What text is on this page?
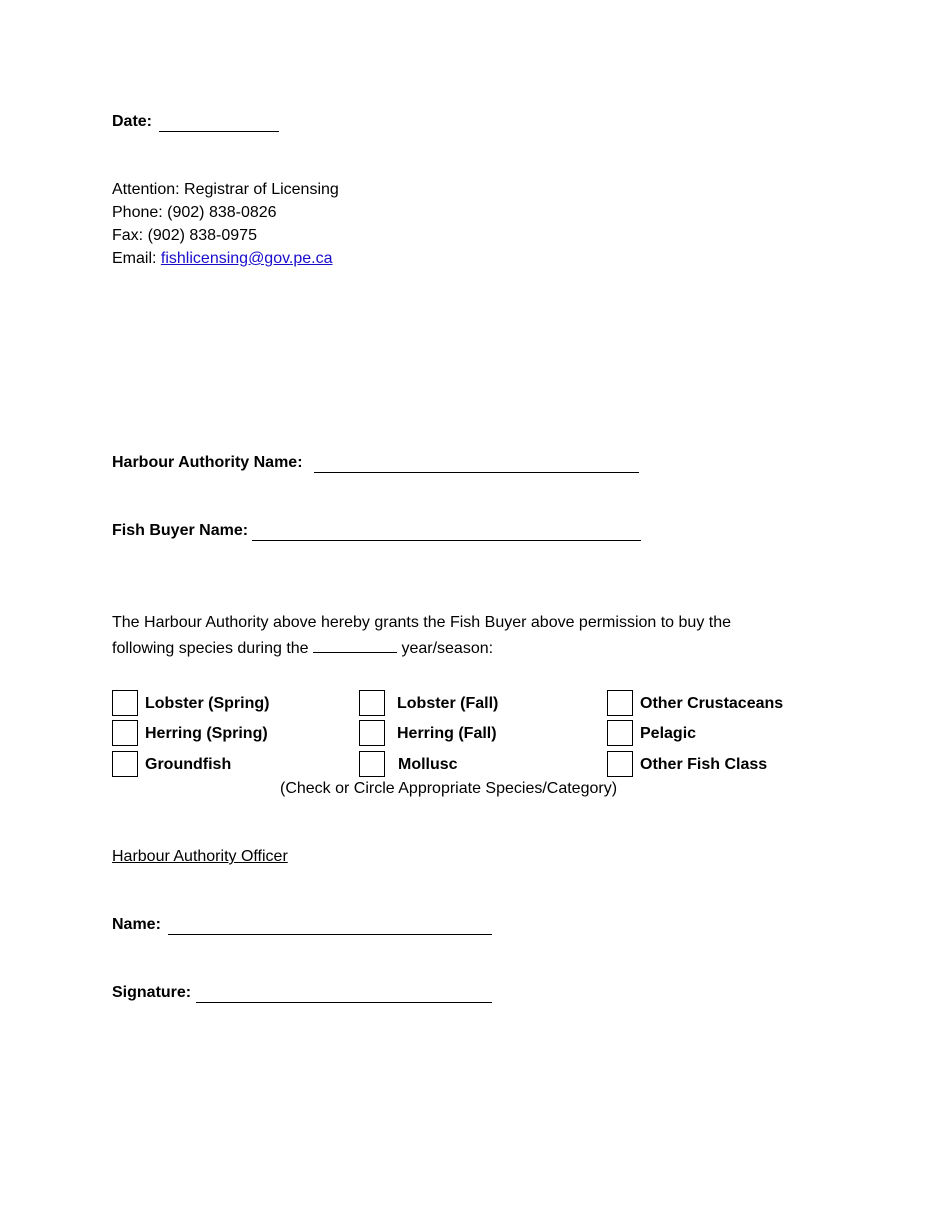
Date:
Attention: Registrar of Licensing
Phone: (902) 838-0826
Fax: (902) 838-0975
Email: fishlicensing@gov.pe.ca
Harbour Authority Name:
Fish Buyer Name:
The Harbour Authority above hereby grants the Fish Buyer above permission to buy the
following species during the	year/season:
Lobster (Spring)
Herring (Spring)
Groundfish
Lobster (Fall)
Herring (Fall)
Mollusc
Other Crustaceans
Pelagic
Other Fish Class
(Check or Circle Appropriate Species/Category)
Harbour Authority Officer
Name:
Signature:
